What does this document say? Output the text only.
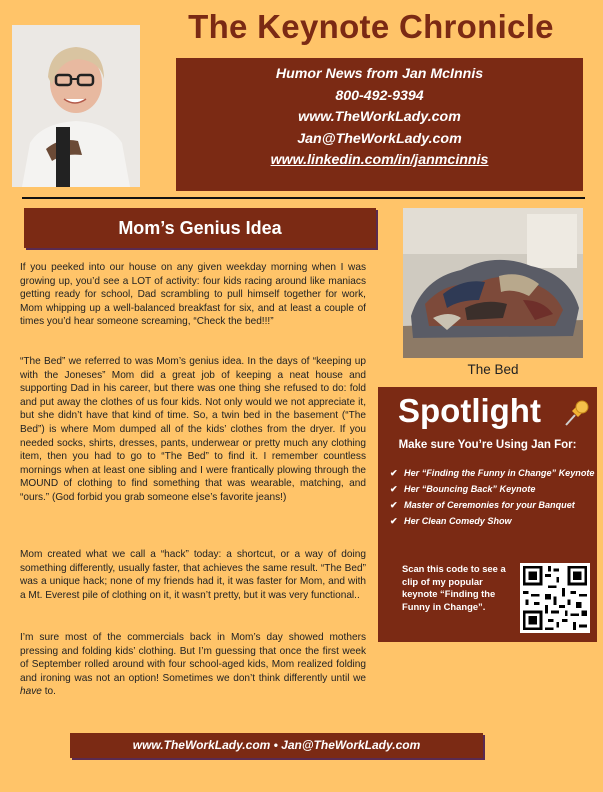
The Keynote Chronicle
Humor News from Jan McInnis
800-492-9394
www.TheWorkLady.com
Jan@TheWorkLady.com
www.linkedin.com/in/janmcinnis
Mom’s Genius Idea
If you peeked into our house on any given weekday morning when I was growing up, you’d see a LOT of activity: four kids racing around like maniacs getting ready for school, Dad scrambling to pull himself together for work, Mom whipping up a well-balanced breakfast for six, and at least a couple of times you’d hear someone screaming, “Check the bed!!!”
“The Bed” we referred to was Mom’s genius idea. In the days of “keeping up with the Joneses” Mom did a great job of keeping a neat house and supporting Dad in his career, but there was one thing she refused to do: fold and put away the clothes of us four kids. Not only would we not appreciate it, but she didn’t have that kind of time. So, a twin bed in the basement (“The Bed”) is where Mom dumped all of the kids’ clothes from the dryer. If you needed socks, shirts, dresses, pants, underwear or pretty much any clothing item, then you had to go to “The Bed” to find it. I remember countless mornings when at least one sibling and I were frantically plowing through the MOUND of clothing to find something that was wearable, matching, and “ours.” (God forbid you grab someone else’s favorite jeans!)
Mom created what we call a “hack” today: a shortcut, or a way of doing something differently, usually faster, that achieves the same result. “The Bed” was a unique hack; none of my friends had it, it was faster for Mom, and with a Mt. Everest pile of clothing on it, it wasn’t pretty, but it was very functional..
I’m sure most of the commercials back in Mom’s day showed mothers pressing and folding kids’ clothing. But I’m guessing that once the first week of September rolled around with four school-aged kids, Mom realized folding and ironing was not an option! Sometimes we don’t think differently until we have to.
The Bed
Spotlight
Make sure You’re Using Jan For:
✔ Her “Finding the Funny in Change” Keynote
✔ Her “Bouncing Back” Keynote
✔ Master of Ceremonies for your Banquet
✔ Her Clean Comedy Show
Scan this code to see a clip of my popular keynote “Finding the Funny in Change”.
www.TheWorkLady.com • Jan@TheWorkLady.com
